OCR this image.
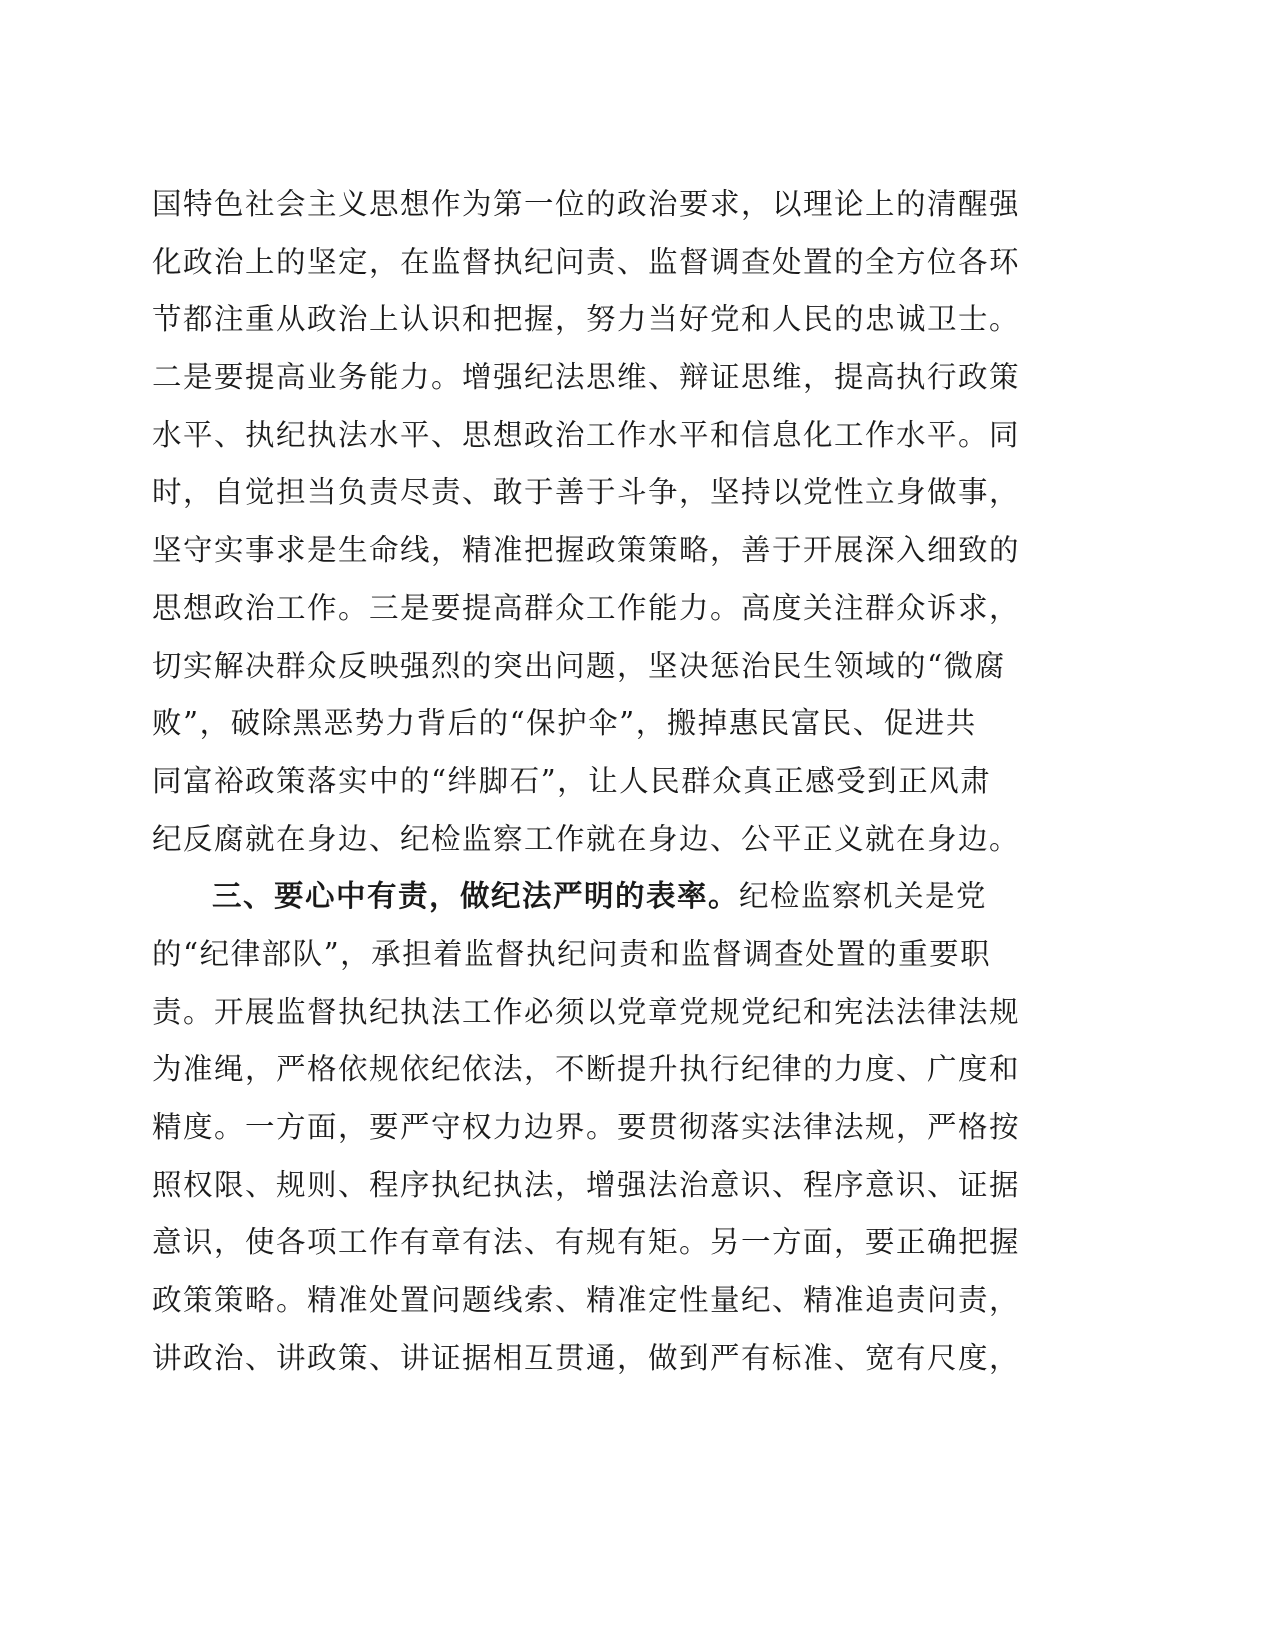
国特色社会主义思想作为第一位的政治要求，以理论上的清醒强
化政治上的坚定，在监督执纪问责、监督调查处置的全方位各环
节都注重从政治上认识和把握，努力当好党和人民的忠诚卫士。
二是要提高业务能力。增强纪法思维、辩证思维，提高执行政策
水平、执纪执法水平、思想政治工作水平和信息化工作水平。同
时，自觉担当负责尽责、敢于善于斗争，坚持以党性立身做事，
坚守实事求是生命线，精准把握政策策略，善于开展深入细致的
思想政治工作。三是要提高群众工作能力。高度关注群众诉求，
切实解决群众反映强烈的突出问题，坚决惩治民生领域的“微腐
败”，破除黑恶势力背后的“保护伞”，搬掉惠民富民、促进共
同富裕政策落实中的“绊脚石”，让人民群众真正感受到正风肃
纪反腐就在身边、纪检监察工作就在身边、公平正义就在身边。
三、要心中有责，做纪法严明的表率。纪检监察机关是党
的“纪律部队”，承担着监督执纪问责和监督调查处置的重要职
责。开展监督执纪执法工作必须以党章党规党纪和宪法法律法规
为准绳，严格依规依纪依法，不断提升执行纪律的力度、广度和
精度。一方面，要严守权力边界。要贯彻落实法律法规，严格按
照权限、规则、程序执纪执法，增强法治意识、程序意识、证据
意识，使各项工作有章有法、有规有矩。另一方面，要正确把握
政策策略。精准处置问题线索、精准定性量纪、精准追责问责，
讲政治、讲政策、讲证据相互贯通，做到严有标准、宽有尺度，
